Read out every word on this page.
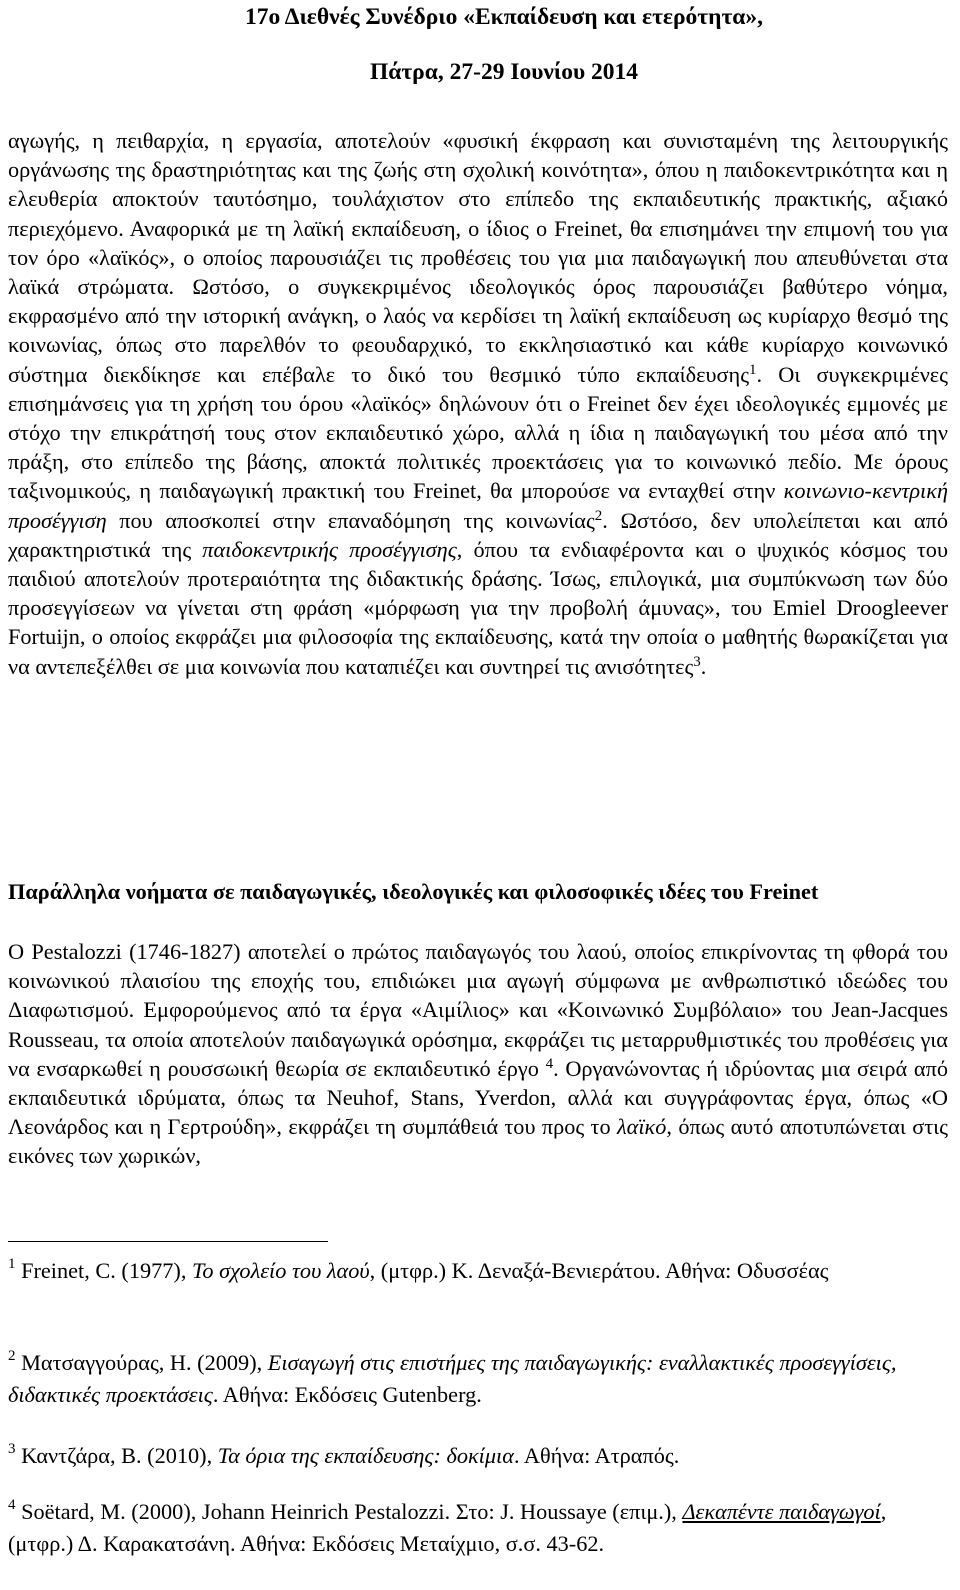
17ο Διεθνές Συνέδριο «Εκπαίδευση και ετερότητα»,

Πάτρα, 27-29 Ιουνίου 2014

αγωγής, η πειθαρχία, η εργασία, αποτελούν «φυσική έκφραση και συνισταμένη της λειτουργικής οργάνωσης της δραστηριότητας και της ζωής στη σχολική κοινότητα», όπου η παιδοκεντρικότητα και η ελευθερία αποκτούν ταυτόσημο, τουλάχιστον στο επίπεδο της εκπαιδευτικής πρακτικής, αξιακό περιεχόμενο. Αναφορικά με τη λαϊκή εκπαίδευση, ο ίδιος ο Freinet, θα επισημάνει την επιμονή του για τον όρο «λαϊκός», ο οποίος παρουσιάζει τις προθέσεις του για μια παιδαγωγική που απευθύνεται στα λαϊκά στρώματα. Ωστόσο, ο συγκεκριμένος ιδεολογικός όρος παρουσιάζει βαθύτερο νόημα, εκφρασμένο από την ιστορική ανάγκη, ο λαός να κερδίσει τη λαϊκή εκπαίδευση ως κυρίαρχο θεσμό της κοινωνίας, όπως στο παρελθόν το φεουδαρχικό, το εκκλησιαστικό και κάθε κυρίαρχο κοινωνικό σύστημα διεκδίκησε και επέβαλε το δικό του θεσμικό τύπο εκπαίδευσης$^1$. Οι συγκεκριμένες επισημάνσεις για τη χρήση του όρου «λαϊκός» δηλώνουν ότι ο Freinet δεν έχει ιδεολογικές εμμονές με στόχο την επικράτησή τους στον εκπαιδευτικό χώρο, αλλά η ίδια η παιδαγωγική του μέσα από την πράξη, στο επίπεδο της βάσης, αποκτά πολιτικές προεκτάσεις για το κοινωνικό πεδίο. Με όρους ταξινομικούς, η παιδαγωγική πρακτική του Freinet, θα μπορούσε να ενταχθεί στην κοινωνιο-κεντρική προσέγγιση που αποσκοπεί στην επαναδόμηση της κοινωνίας$^2$. Ωστόσο, δεν υπολείπεται και από χαρακτηριστικά της παιδοκεντρικής προσέγγισης, όπου τα ενδιαφέροντα και ο ψυχικός κόσμος του παιδιού αποτελούν προτεραιότητα της διδακτικής δράσης. Ίσως, επιλογικά, μια συμπύκνωση των δύο προσεγγίσεων να γίνεται στη φράση «μόρφωση για την προβολή άμυνας», του Emiel Droogleever Fortuijn, ο οποίος εκφράζει μια φιλοσοφία της εκπαίδευσης, κατά την οποία ο μαθητής θωρακίζεται για να αντεπεξέλθει σε μια κοινωνία που καταπιέζει και συντηρεί τις ανισότητες$^3$.

Παράλληλα νοήματα σε παιδαγωγικές, ιδεολογικές και φιλοσοφικές ιδέες του Freinet

Ο Pestalozzi (1746-1827) αποτελεί ο πρώτος παιδαγωγός του λαού, οποίος επικρίνοντας τη φθορά του κοινωνικού πλαισίου της εποχής του, επιδιώκει μια αγωγή σύμφωνα με ανθρωπιστικό ιδεώδες του Διαφωτισμού. Εμφορούμενος από τα έργα «Αιμίλιος» και «Κοινωνικό Συμβόλαιο» του Jean-Jacques Rousseau, τα οποία αποτελούν παιδαγωγικά ορόσημα, εκφράζει τις μεταρρυθμιστικές του προθέσεις για να ενσαρκωθεί η ρουσσωική θεωρία σε εκπαιδευτικό έργο $^4$. Οργανώνοντας ή ιδρύοντας μια σειρά από εκπαιδευτικά ιδρύματα, όπως τα Neuhof, Stans, Yverdon, αλλά και συγγράφοντας έργα, όπως «Ο Λεονάρδος και η Γερτρούδη», εκφράζει τη συμπάθειά του προς το λαϊκό, όπως αυτό αποτυπώνεται στις εικόνες των χωρικών,

$^1$ Freinet, C. (1977), Το σχολείο του λαού, (μτφρ.) Κ. Δεναξά-Βενιεράτου. Αθήνα: Οδυσσέας

$^2$ Ματσαγγούρας, Η. (2009), Εισαγωγή στις επιστήμες της παιδαγωγικής: εναλλακτικές προσεγγίσεις, διδακτικές προεκτάσεις. Αθήνα: Εκδόσεις Gutenberg.

$^3$ Καντζάρα, Β. (2010), Τα όρια της εκπαίδευσης: δοκίμια. Αθήνα: Ατραπός.

$^4$ Soëtard, M. (2000), Johann Heinrich Pestalozzi. Στο: J. Houssaye (επιμ.), Δεκαπέντε παιδαγωγοί, (μτφρ.) Δ. Καρακατσάνη. Αθήνα: Εκδόσεις Μεταίχμιο, σ.σ. 43-62.
